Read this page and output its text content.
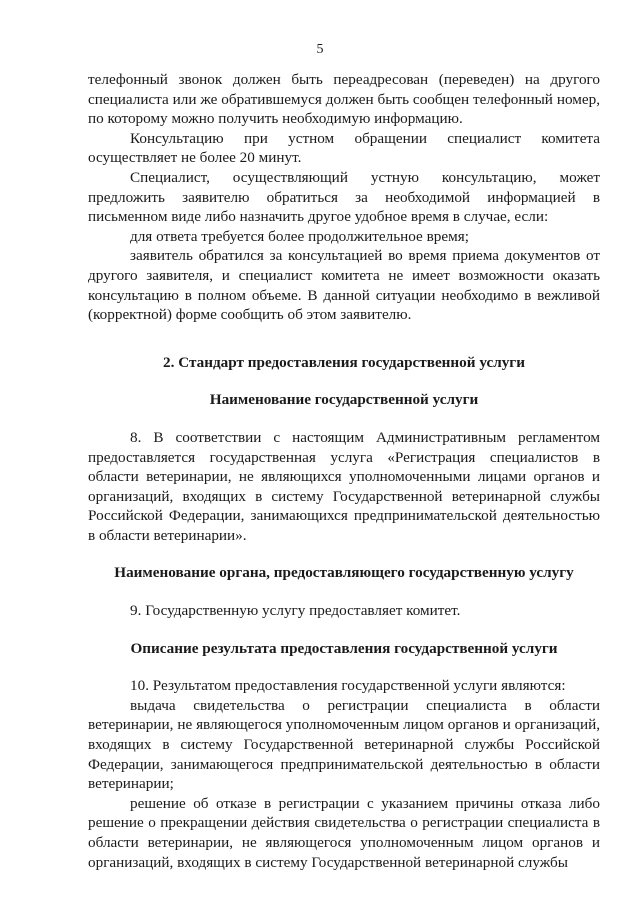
5

телефонный звонок должен быть переадресован (переведен) на другого специалиста или же обратившемуся должен быть сообщен телефонный номер, по которому можно получить необходимую информацию.

Консультацию при устном обращении специалист комитета осуществляет не более 20 минут.

Специалист, осуществляющий устную консультацию, может предложить заявителю обратиться за необходимой информацией в письменном виде либо назначить другое удобное время в случае, если:

для ответа требуется более продолжительное время;

заявитель обратился за консультацией во время приема документов от другого заявителя, и специалист комитета не имеет возможности оказать консультацию в полном объеме. В данной ситуации необходимо в вежливой (корректной) форме сообщить об этом заявителю.

2. Стандарт предоставления государственной услуги
Наименование государственной услуги

8. В соответствии с настоящим Административным регламентом предоставляется государственная услуга «Регистрация специалистов в области ветеринарии, не являющихся уполномоченными лицами органов и организаций, входящих в систему Государственной ветеринарной службы Российской Федерации, занимающихся предпринимательской деятельностью в области ветеринарии».

Наименование органа, предоставляющего государственную услугу

9. Государственную услугу предоставляет комитет.

Описание результата предоставления государственной услуги

10. Результатом предоставления государственной услуги являются:

выдача свидетельства о регистрации специалиста в области ветеринарии, не являющегося уполномоченным лицом органов и организаций, входящих в систему Государственной ветеринарной службы Российской Федерации, занимающегося предпринимательской деятельностью в области ветеринарии;

решение об отказе в регистрации с указанием причины отказа либо решение о прекращении действия свидетельства о регистрации специалиста в области ветеринарии, не являющегося уполномоченным лицом органов и организаций, входящих в систему Государственной ветеринарной службы
